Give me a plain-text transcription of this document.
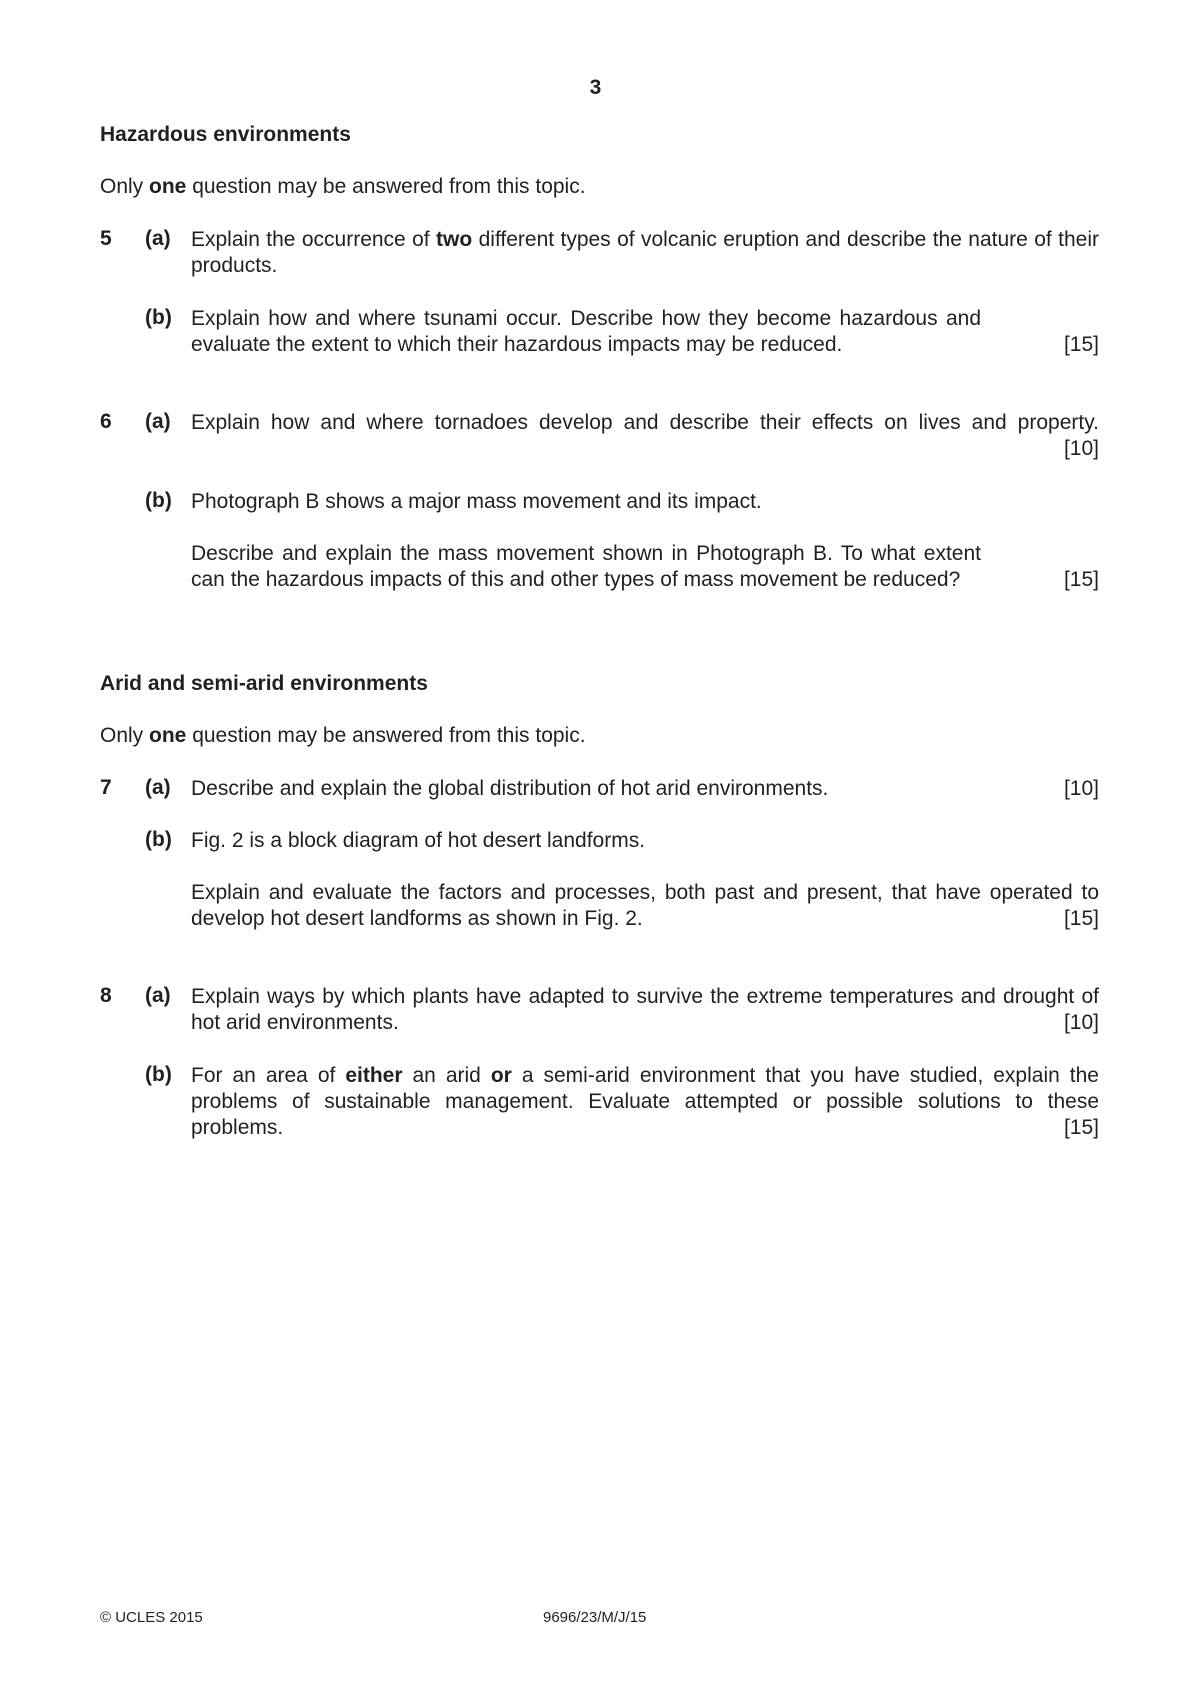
3
Hazardous environments
Only one question may be answered from this topic.
5 (a) Explain the occurrence of two different types of volcanic eruption and describe the nature of their products.
(b) Explain how and where tsunami occur. Describe how they become hazardous and evaluate the extent to which their hazardous impacts may be reduced.	[15]
6 (a) Explain how and where tornadoes develop and describe their effects on lives and property.
[10]
(b) Photograph B shows a major mass movement and its impact.
Describe and explain the mass movement shown in Photograph B. To what extent can the hazardous impacts of this and other types of mass movement be reduced?	[15]
Arid and semi-arid environments
Only one question may be answered from this topic.
7 (a) Describe and explain the global distribution of hot arid environments.	[10]
(b) Fig. 2 is a block diagram of hot desert landforms.
Explain and evaluate the factors and processes, both past and present, that have operated to develop hot desert landforms as shown in Fig. 2.	[15]
8 (a) Explain ways by which plants have adapted to survive the extreme temperatures and drought of hot arid environments.	[10]
(b) For an area of either an arid or a semi-arid environment that you have studied, explain the problems of sustainable management. Evaluate attempted or possible solutions to these problems.	[15]
© UCLES 2015	9696/23/M/J/15
